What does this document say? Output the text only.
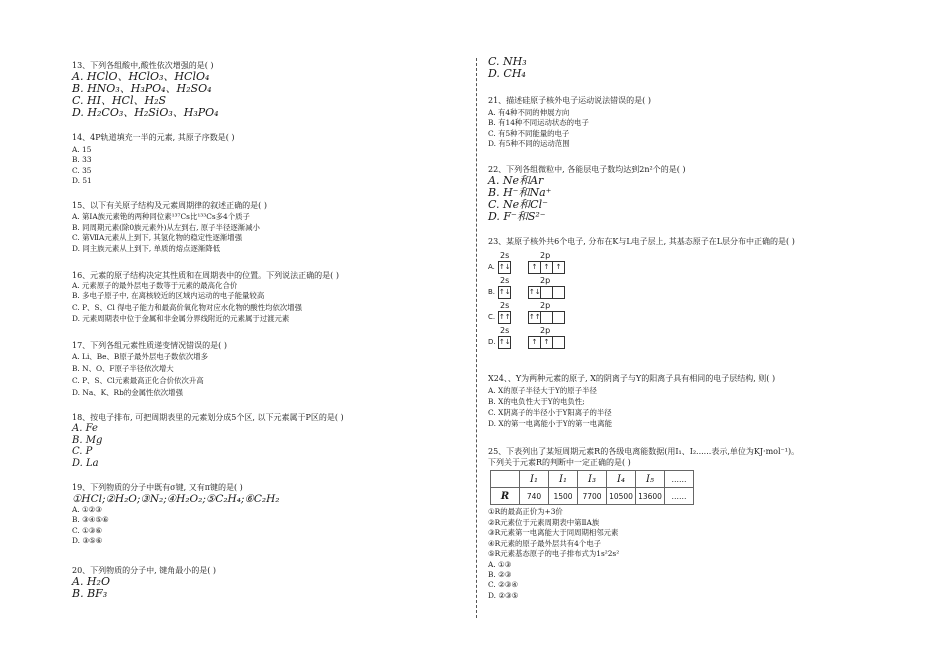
13、下列各组酸中,酸性依次增强的是( )
A. HClO、HClO₃、HClO₄
B. HNO₃、H₃PO₄、H₂SO₄
C. HI、HCl、H₂S
D. H₂CO₃、H₂SiO₃、H₃PO₄
14、4P轨道填充一半的元素, 其原子序数是( )
A. 15
B. 33
C. 35
D. 51
15、以下有关原子结构及元素周期律的叙述正确的是( )
A. 第ⅠA族元素铯的两种同位素¹³⁷Cs比¹³³Cs多4个质子
B. 同周期元素(除0族元素外)从左到右, 原子半径逐渐减小
C. 第ⅦA元素从上到下, 其氢化物的稳定性逐渐增强
D. 同主族元素从上到下, 单质的熔点逐渐降低
16、元素的原子结构决定其性质和在周期表中的位置。下列说法正确的是( )
A. 元素原子的最外层电子数等于元素的最高化合价
B. 多电子原子中, 在离核较近的区域内运动的电子能量较高
C. P、S、Cl 得电子能力和最高价氧化物对应水化物的酸性均依次增强
D. 元素周期表中位于金属和非金属分界线附近的元素属于过渡元素
17、下列各组元素性质递变情况错误的是( )
A. Li、Be、B原子最外层电子数依次增多
B. N、O、F原子半径依次增大
C. P、S、Cl元素最高正化合价依次升高
D. Na、K、Rb的金属性依次增强
18、按电子排布, 可把周期表里的元素划分成5个区, 以下元素属于P区的是( )
A. Fe
B. Mg
C. P
D. La
19、下列物质的分子中既有σ键, 又有π键的是( )
①HCl;②H₂O;③N₂;④H₂O₂;⑤C₂H₄;⑥C₂H₂
A. ①②③
B. ③④⑤⑥
C. ①③⑥
D. ③⑤⑥
20、下列物质的分子中, 键角最小的是( )
A. H₂O
B. BF₃
C. NH₃
D. CH₄
21、描述硅原子核外电子运动说法错误的是( )
A. 有4种不同的伸展方向
B. 有14种不同运动状态的电子
C. 有5种不同能量的电子
D. 有5种不同的运动范围
22、下列各组微粒中, 各能层电子数均达到2n²个的是( )
A. Ne和Ar
B. H⁻和Na⁺
C. Ne和Cl⁻
D. F⁻和S²⁻
23、某原子核外共6个电子, 分布在K与L电子层上, 其基态原子在L层分布中正确的是( )
2s	2p
A. ↑↓	↑ ↑ ↑
2s	2p
B. ↑↓	↑↓
2s	2p
C. ↑↑	↑↑
2s	2p
D. ↑↓	↑ ↑
X24、、Y为两种元素的原子, X的阴离子与Y的阳离子具有相同的电子层结构, 则( )
A. X的原子半径大于Y的原子半径
B. X的电负性大于Y的电负性;
C. X阴离子的半径小于Y阳离子的半径
D. X的第一电离能小于Y的第一电离能
25、下表列出了某短周期元素R的各级电离能数据(用I₁、I₂......表示,单位为KJ·mol⁻¹)。
下列关于元素R的判断中一定正确的是( )
	I₁	I₁	I₃	I₄	I₅	……
R	740	1500	7700	10500	13600	……
①R的最高正价为+3价
②R元素位于元素周期表中第ⅡA族
③R元素第一电离能大于同周期相邻元素
④R元素的原子最外层共有4个电子
⑤R元素基态原子的电子排布式为1s²2s²
A. ①③
B. ②③
C. ②③④
D. ②③⑤
